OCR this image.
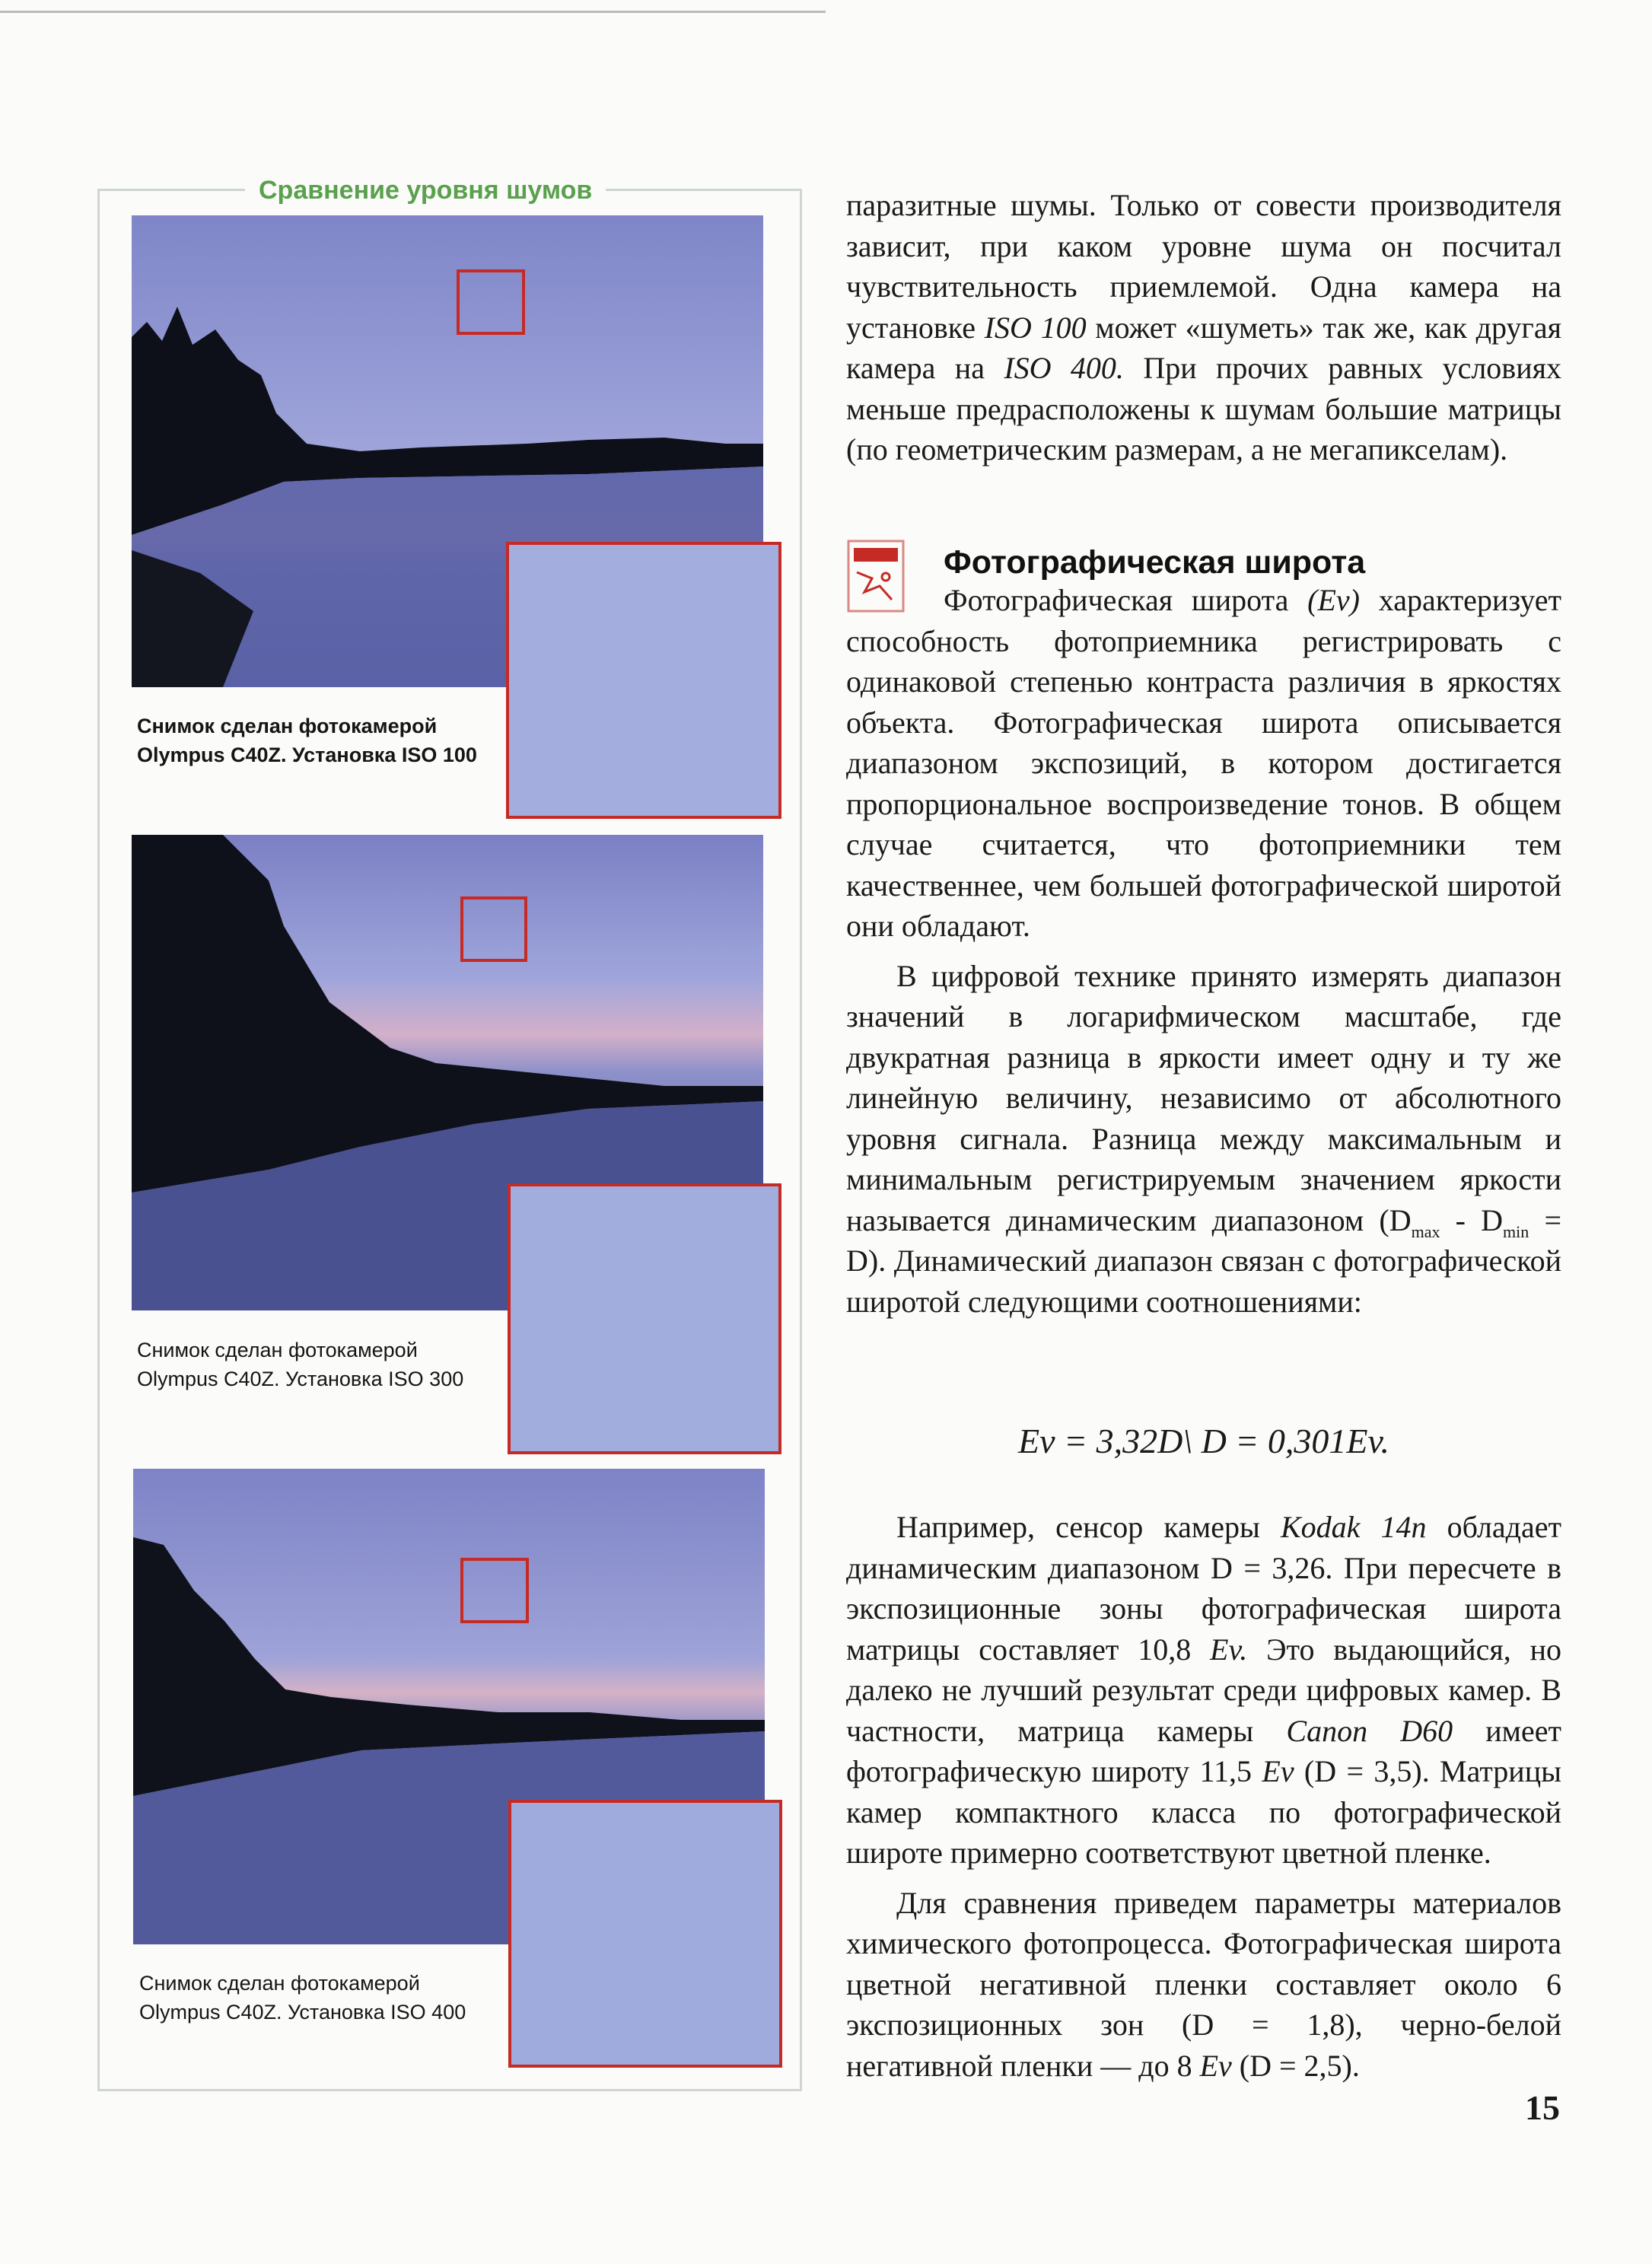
Сравнение уровня шумов
Снимок сделан фотокамерой
Olympus C40Z. Установка ISO 100
Снимок сделан фотокамерой
Olympus C40Z. Установка ISO 300
Снимок сделан фотокамерой
Olympus C40Z. Установка ISO 400

паразитные шумы. Только от совести производителя зависит, при каком уровне шума он посчитал чувствительность приемлемой. Одна камера на установке ISO 100 может «шуметь» так же, как другая камера на ISO 400. При прочих равных условиях меньше предрасположены к шумам большие матрицы (по геометрическим размерам, а не мегапикселам).

Фотографическая широта

Фотографическая широта (Ev) характеризует способность фотоприемника регистрировать с одинаковой степенью контраста различия в яркостях объекта. Фотографическая широта описывается диапазоном экспозиций, в котором достигается пропорциональное воспроизведение тонов. В общем случае считается, что фотоприемники тем качественнее, чем большей фотографической широтой они обладают.

В цифровой технике принято измерять диапазон значений в логарифмическом масштабе, где двукратная разница в яркости имеет одну и ту же линейную величину, независимо от абсолютного уровня сигнала. Разница между максимальным и минимальным регистрируемым значением яркости называется динамическим диапазоном $(D_{max} - D_{min} = D)$. Динамический диапазон связан с фотографической широтой следующими соотношениями:

Ev = 3,32D\ D = 0,301Ev.

Например, сенсор камеры Kodak 14n обладает динамическим диапазоном D = 3,26. При пересчете в экспозиционные зоны фотографическая широта матрицы составляет 10,8 Ev. Это выдающийся, но далеко не лучший результат среди цифровых камер. В частности, матрица камеры Canon D60 имеет фотографическую широту 11,5 Ev (D = 3,5). Матрицы камер компактного класса по фотографической широте примерно соответствуют цветной пленке.

Для сравнения приведем параметры материалов химического фотопроцесса. Фотографическая широта цветной негативной пленки составляет около 6 экспозиционных зон (D = 1,8), черно-белой негативной пленки — до 8 Ev (D = 2,5).

15
